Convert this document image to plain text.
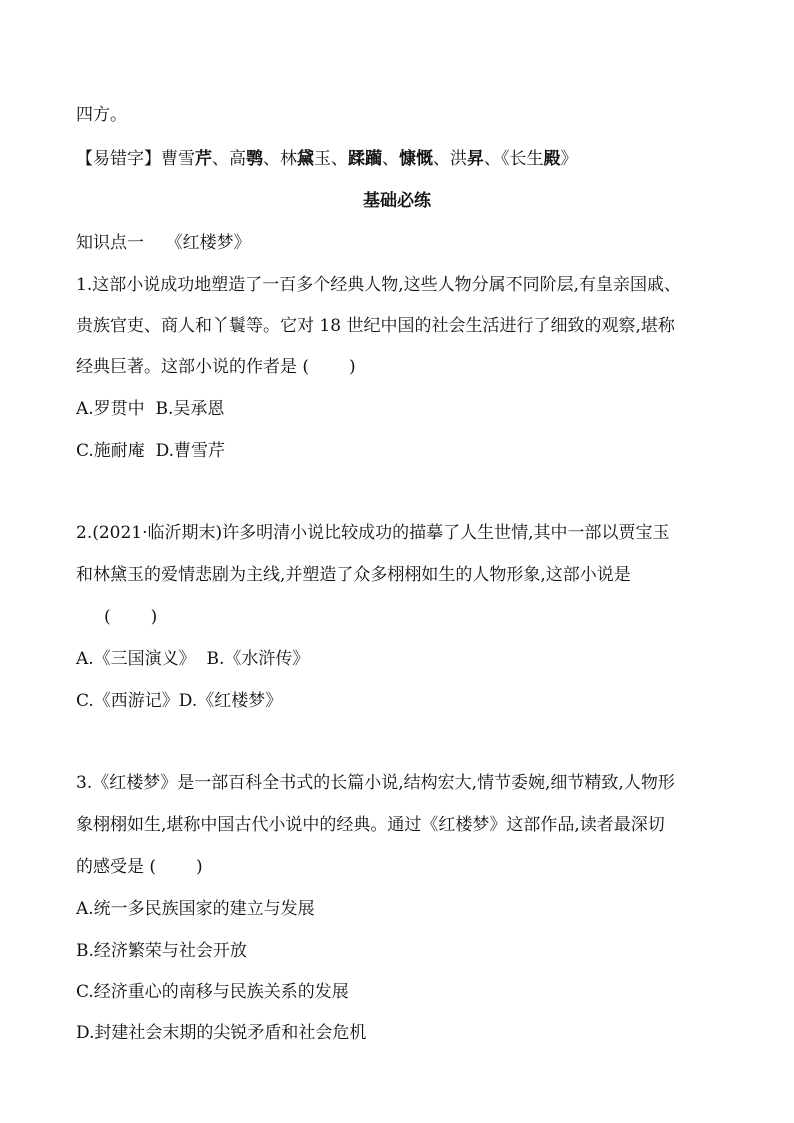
四方。
【易错字】曹雪芹、高鹗、林黛玉、蹂躏、慷慨、洪昇、《长生殿》
基础必练
知识点一    《红楼梦》
1.这部小说成功地塑造了一百多个经典人物,这些人物分属不同阶层,有皇亲国戚、
贵族官吏、商人和丫鬟等。它对 18 世纪中国的社会生活进行了细致的观察,堪称
经典巨著。这部小说的作者是 ( )
A.罗贯中  B.吴承恩
C.施耐庵  D.曹雪芹
2.(2021·临沂期末)许多明清小说比较成功的描摹了人生世情,其中一部以贾宝玉
和林黛玉的爱情悲剧为主线,并塑造了众多栩栩如生的人物形象,这部小说是
( )
A.《三国演义》  B.《水浒传》
C.《西游记》D.《红楼梦》
3.《红楼梦》是一部百科全书式的长篇小说,结构宏大,情节委婉,细节精致,人物形
象栩栩如生,堪称中国古代小说中的经典。通过《红楼梦》这部作品,读者最深切
的感受是 ( )
A.统一多民族国家的建立与发展
B.经济繁荣与社会开放
C.经济重心的南移与民族关系的发展
D.封建社会末期的尖锐矛盾和社会危机
